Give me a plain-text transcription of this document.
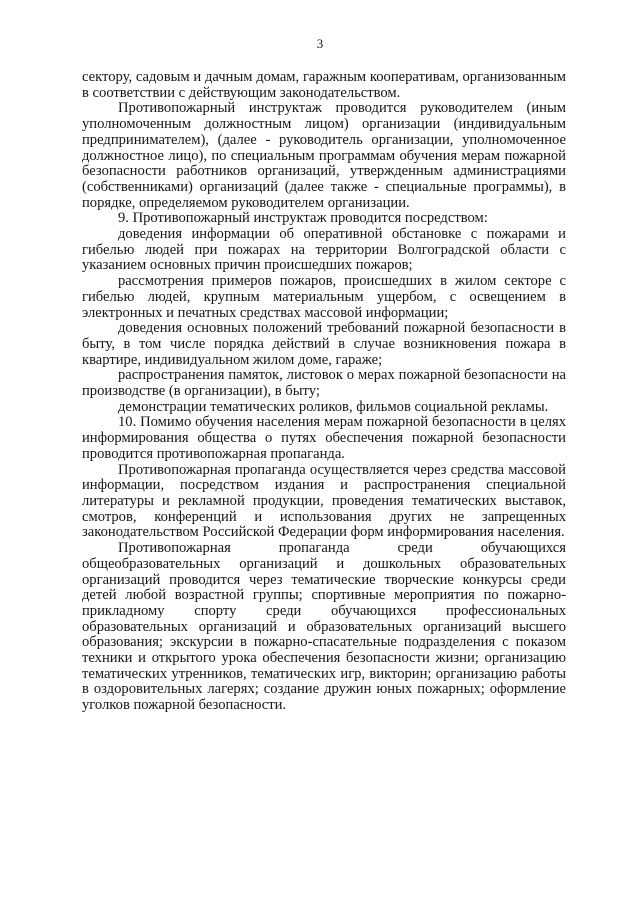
3

сектору, садовым и дачным домам, гаражным кооперативам, организованным в соответствии с действующим законодательством.

Противопожарный инструктаж проводится руководителем (иным уполномоченным должностным лицом) организации (индивидуальным предпринимателем), (далее - руководитель организации, уполномоченное должностное лицо), по специальным программам обучения мерам пожарной безопасности работников организаций, утвержденным администрациями (собственниками) организаций (далее также - специальные программы), в порядке, определяемом руководителем организации.

9. Противопожарный инструктаж проводится посредством:

доведения информации об оперативной обстановке с пожарами и гибелью людей при пожарах на территории Волгоградской области с указанием основных причин происшедших пожаров;

рассмотрения примеров пожаров, происшедших в жилом секторе с гибелью людей, крупным материальным ущербом, с освещением в электронных и печатных средствах массовой информации;

доведения основных положений требований пожарной безопасности в быту, в том числе порядка действий в случае возникновения пожара в квартире, индивидуальном жилом доме, гараже;

распространения памяток, листовок о мерах пожарной безопасности на производстве (в организации), в быту;

демонстрации тематических роликов, фильмов социальной рекламы.

10. Помимо обучения населения мерам пожарной безопасности в целях информирования общества о путях обеспечения пожарной безопасности проводится противопожарная пропаганда.

Противопожарная пропаганда осуществляется через средства массовой информации, посредством издания и распространения специальной литературы и рекламной продукции, проведения тематических выставок, смотров, конференций и использования других не запрещенных законодательством Российской Федерации форм информирования населения.

Противопожарная пропаганда среди обучающихся общеобразовательных организаций и дошкольных образовательных организаций проводится через тематические творческие конкурсы среди детей любой возрастной группы; спортивные мероприятия по пожарно-прикладному спорту среди обучающихся профессиональных образовательных организаций и образовательных организаций высшего образования; экскурсии в пожарно-спасательные подразделения с показом техники и открытого урока обеспечения безопасности жизни; организацию тематических утренников, тематических игр, викторин; организацию работы в оздоровительных лагерях; создание дружин юных пожарных; оформление уголков пожарной безопасности.
